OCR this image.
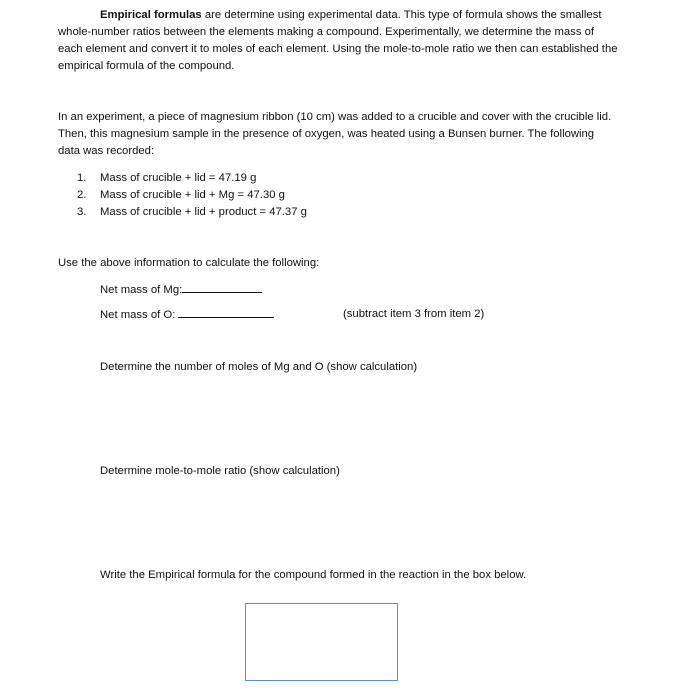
Empirical formulas are determine using experimental data. This type of formula shows the smallest whole-number ratios between the elements making a compound. Experimentally, we determine the mass of each element and convert it to moles of each element. Using the mole-to-mole ratio we then can established the empirical formula of the compound.

In an experiment, a piece of magnesium ribbon (10 cm) was added to a crucible and cover with the crucible lid. Then, this magnesium sample in the presence of oxygen, was heated using a Bunsen burner. The following data was recorded:

1. Mass of crucible + lid = 47.19 g
2. Mass of crucible + lid + Mg = 47.30 g
3. Mass of crucible + lid + product = 47.37 g
Use the above information to calculate the following:
Net mass of Mg:
Net mass of O:	(subtract item 3 from item 2)
Determine the number of moles of Mg and O (show calculation)
Determine mole-to-mole ratio (show calculation)
Write the Empirical formula for the compound formed in the reaction in the box below.
